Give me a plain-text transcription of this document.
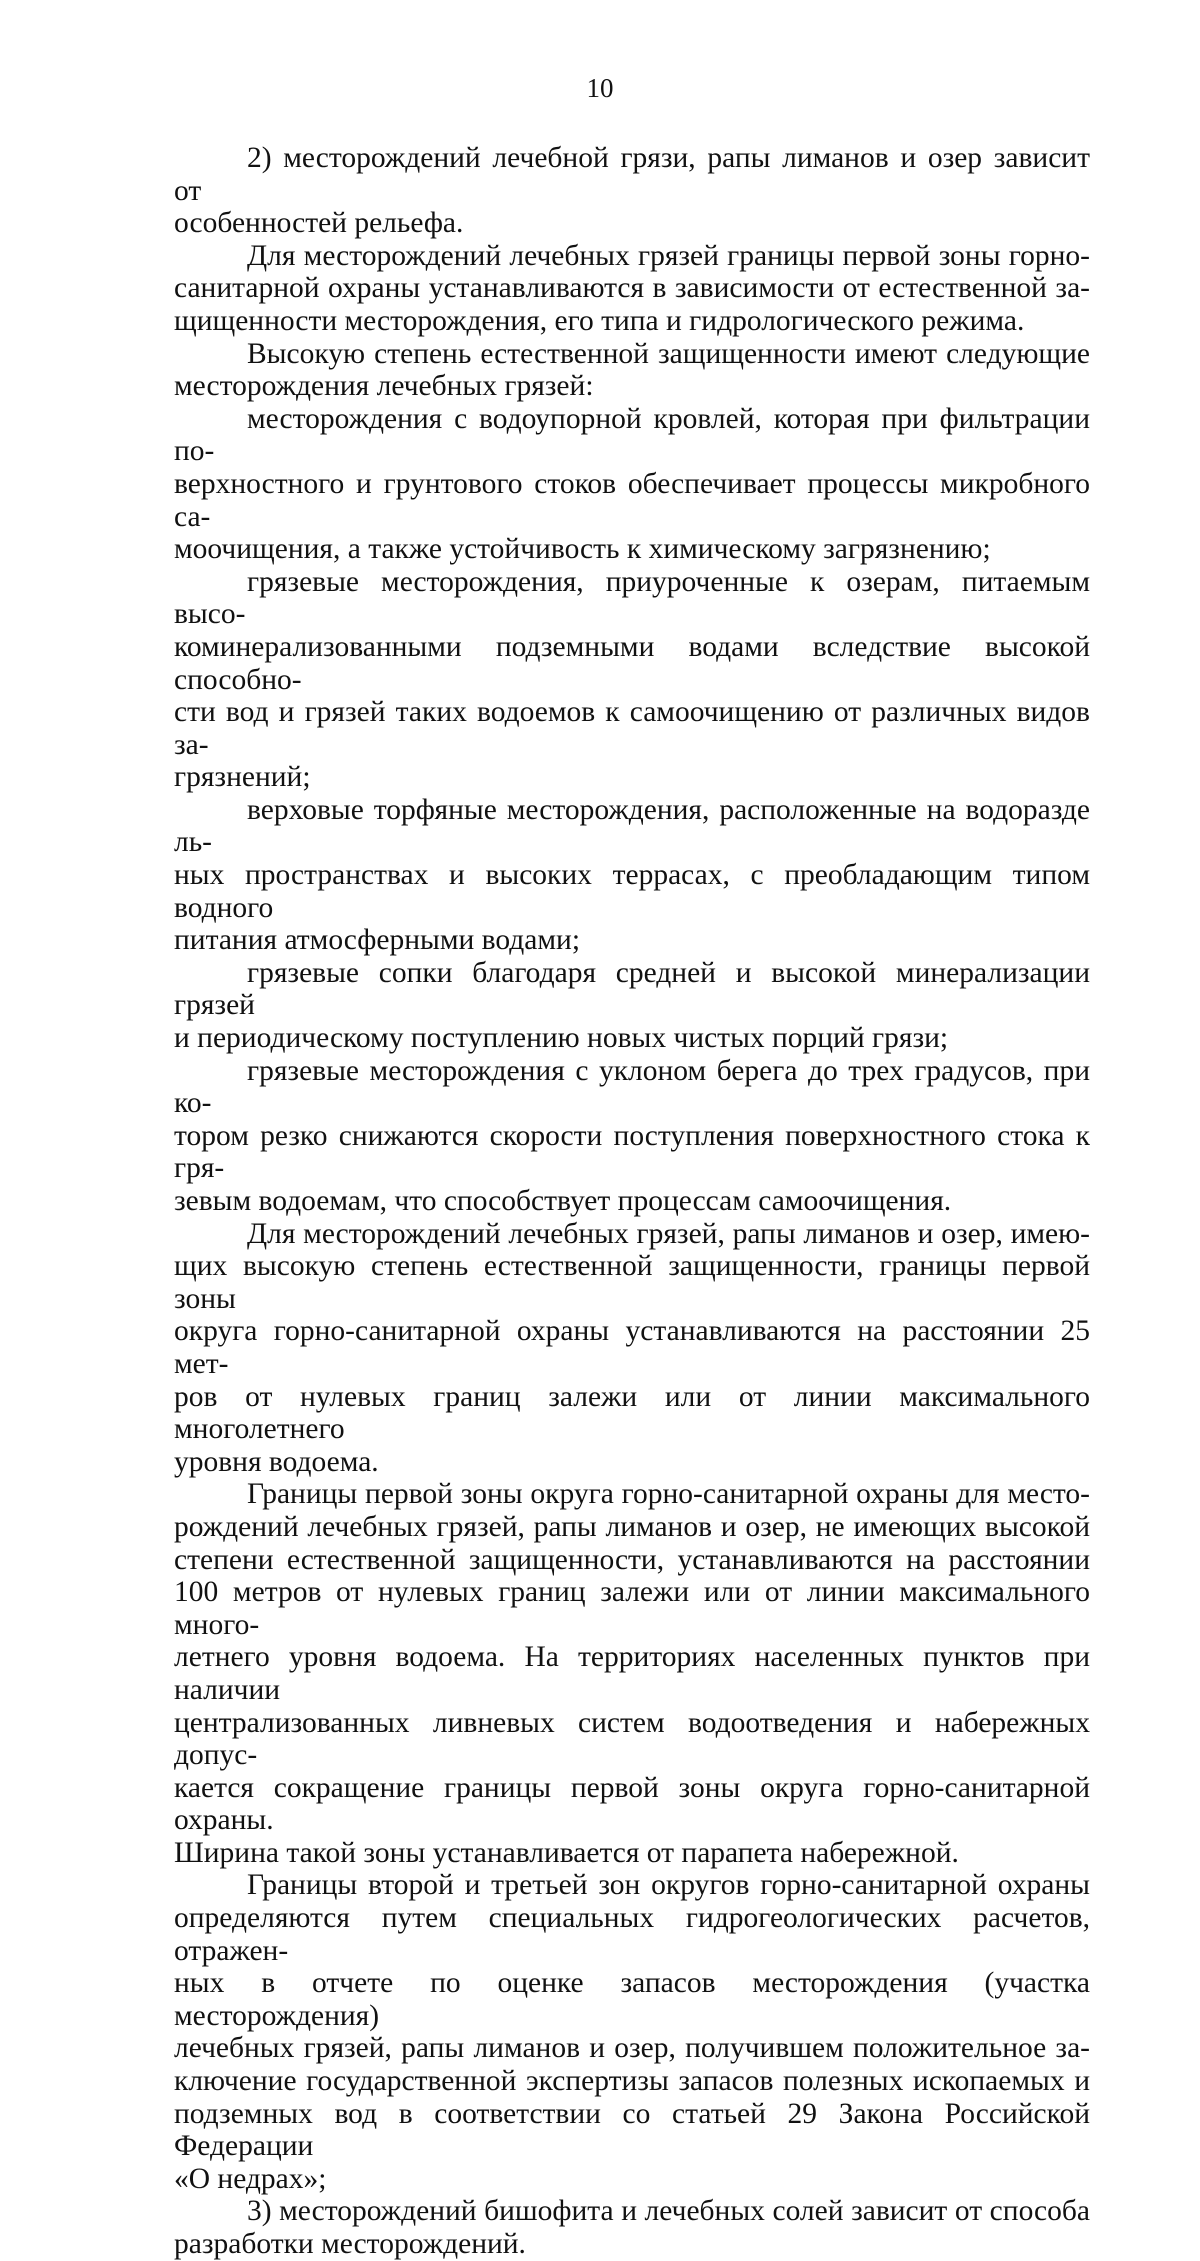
10

2) месторождений лечебной грязи, рапы лиманов и озер зависит от
особенностей рельефа.

Для месторождений лечебных грязей границы первой зоны горно-
санитарной охраны устанавливаются в зависимости от естественной за-
щищенности месторождения, его типа и гидрологического режима.

Высокую степень естественной защищенности имеют следующие
месторождения лечебных грязей:

месторождения с водоупорной кровлей, которая при фильтрации по-
верхностного и грунтового стоков обеспечивает процессы микробного са-
моочищения, а также устойчивость к химическому загрязнению;

грязевые месторождения, приуроченные к озерам, питаемым высо-
коминерализованными подземными водами вследствие высокой способно-
сти вод и грязей таких водоемов к самоочищению от различных видов за-
грязнений;

верховые торфяные месторождения, расположенные на водоразде ль-
ных пространствах и высоких террасах, с преобладающим типом водного
питания атмосферными водами;

грязевые сопки благодаря средней и высокой минерализации грязей
и периодическому поступлению новых чистых порций грязи;

грязевые месторождения с уклоном берега до трех градусов, при ко-
тором резко снижаются скорости поступления поверхностного стока к гря-
зевым водоемам, что способствует процессам самоочищения.

Для месторождений лечебных грязей, рапы лиманов и озер, имею-
щих высокую степень естественной защищенности, границы первой зоны
округа горно-санитарной охраны устанавливаются на расстоянии 25 мет-
ров от нулевых границ залежи или от линии максимального многолетнего
уровня водоема.

Границы первой зоны округа горно-санитарной охраны для место-
рождений лечебных грязей, рапы лиманов и озер, не имеющих высокой
степени естественной защищенности, устанавливаются на расстоянии
100 метров от нулевых границ залежи или от линии максимального много-
летнего уровня водоема. На территориях населенных пунктов при наличии
централизованных ливневых систем водоотведения и набережных допус-
кается сокращение границы первой зоны округа горно-санитарной охраны.
Ширина такой зоны устанавливается от парапета набережной.

Границы второй и третьей зон округов горно-санитарной охраны
определяются путем специальных гидрогеологических расчетов, отражен-
ных в отчете по оценке запасов месторождения (участка месторождения)
лечебных грязей, рапы лиманов и озер, получившем положительное за-
ключение государственной экспертизы запасов полезных ископаемых и
подземных вод в соответствии со статьей 29 Закона Российской Федерации
«О недрах»;

3) месторождений бишофита и лечебных солей зависит от способа
разработки месторождений.
